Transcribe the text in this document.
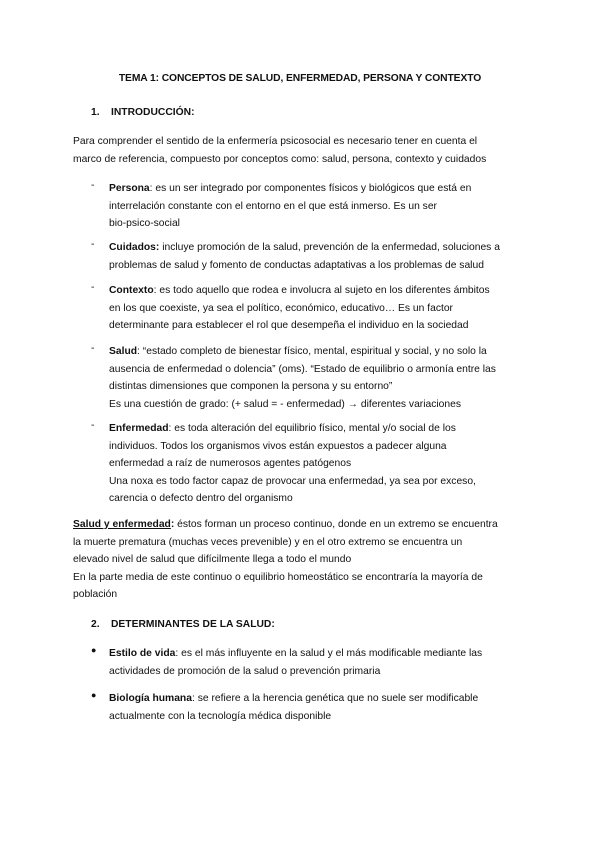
TEMA 1: CONCEPTOS DE SALUD, ENFERMEDAD, PERSONA Y CONTEXTO
1. INTRODUCCIÓN:
Para comprender el sentido de la enfermería psicosocial es necesario tener en cuenta el
marco de referencia, compuesto por conceptos como: salud, persona, contexto y cuidados
-	Persona: es un ser integrado por componentes físicos y biológicos que está en
interrelación constante con el entorno en el que está inmerso. Es un ser
bio-psico-social
-	Cuidados: incluye promoción de la salud, prevención de la enfermedad, soluciones a
problemas de salud y fomento de conductas adaptativas a los problemas de salud
-	Contexto: es todo aquello que rodea e involucra al sujeto en los diferentes ámbitos
en los que coexiste, ya sea el político, económico, educativo… Es un factor
determinante para establecer el rol que desempeña el individuo en la sociedad
-	Salud: “estado completo de bienestar físico, mental, espiritual y social, y no solo la
ausencia de enfermedad o dolencia” (oms). “Estado de equilibrio o armonía entre las
distintas dimensiones que componen la persona y su entorno”
Es una cuestión de grado: (+ salud = - enfermedad) → diferentes variaciones
-	Enfermedad: es toda alteración del equilibrio físico, mental y/o social de los
individuos. Todos los organismos vivos están expuestos a padecer alguna
enfermedad a raíz de numerosos agentes patógenos
Una noxa es todo factor capaz de provocar una enfermedad, ya sea por exceso,
carencia o defecto dentro del organismo
Salud y enfermedad: éstos forman un proceso continuo, donde en un extremo se encuentra
la muerte prematura (muchas veces prevenible) y en el otro extremo se encuentra un
elevado nivel de salud que difícilmente llega a todo el mundo
En la parte media de este continuo o equilibrio homeostático se encontraría la mayoría de
población
2. DETERMINANTES DE LA SALUD:
●	Estilo de vida: es el más influyente en la salud y el más modificable mediante las
actividades de promoción de la salud o prevención primaria
●	Biología humana: se refiere a la herencia genética que no suele ser modificable
actualmente con la tecnología médica disponible
